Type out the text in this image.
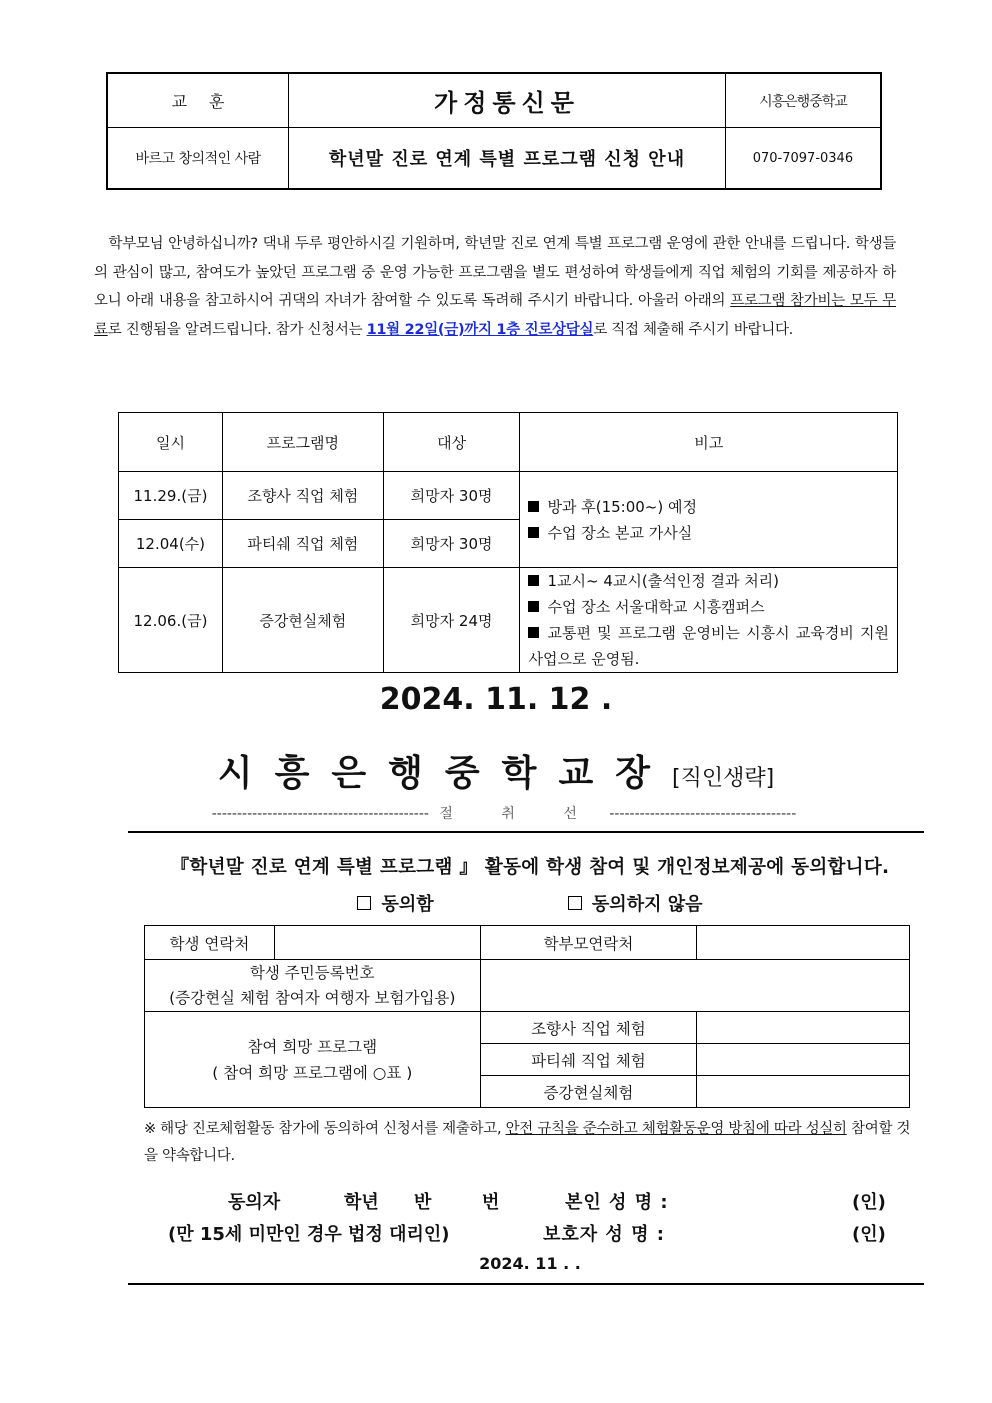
교훈	가정통신문	시흥은행중학교
바르고 창의적인 사람	학년말 진로 연계 특별 프로그램 신청 안내	070-7097-0346
학부모님 안녕하십니까? 댁내 두루 평안하시길 기원하며, 학년말 진로 연계 특별 프로그램 운영에 관한 안내를 드립니다. 학생들의 관심이 많고, 참여도가 높았던 프로그램 중 운영 가능한 프로그램을 별도 편성하여 학생들에게 직업 체험의 기회를 제공하자 하오니 아래 내용을 참고하시어 귀댁의 자녀가 참여할 수 있도록 독려해 주시기 바랍니다. 아울러 아래의 프로그램 참가비는 모두 무료로 진행됨을 알려드립니다. 참가 신청서는 11월 22일(금)까지 1층 진로상담실로 직접 체출해 주시기 바랍니다.
일시	프로그램명	대상	비고
11.29.(금)	조향사 직업 체험	희망자 30명	방과 후(15:00~) 예정
수업 장소 본교 가사실

12.04(수)	파티쉐 직업 체험	희망자 30명	
12.06.(금)	증강현실체험	희망자 24명	1교시~ 4교시(출석인정 결과 처리)
수업 장소 서울대학교 시흥캠퍼스
교통편 및 프로그램 운영비는 시흥시 교육경비 지원 사업으로 운영됨.
2024. 11. 12 .
시흥은행중학교장[직인생략]
------------------------------------------- 절 취 선 -------------------------------------
『학년말 진로 연계 특별 프로그램 』 활동에 학생 참여 및 개인정보제공에 동의합니다.
동의함	동의하지 않음
학생 연락처		학부모연락처	

학생 주민등록번호
(증강현실 체험 참여자 여행자 보험가입용)			

참여 희망 프로그램
( 참여 희망 프로그램에 ○표 )		조향사 직업 체험	
		파티쉐 직업 체험	
		증강현실체험	
※ 해당 진로체험활동 참가에 동의하여 신청서를 제출하고, 안전 규칙을 준수하고 체험활동운영 방침에 따라 성실히 참여할 것을 약속합니다.
동의자	학년 반	번	본인 성 명 :	(인)
(만 15세 미만인 경우 법정 대리인)	보호자 성 명 :	(인)
2024. 11 . .
